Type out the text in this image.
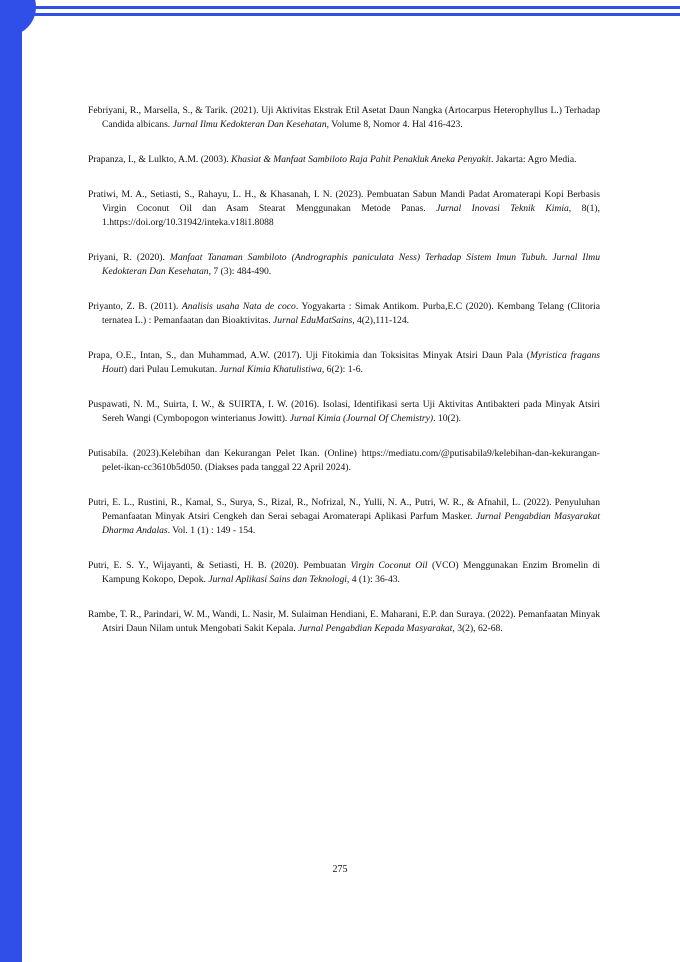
Febriyani, R., Marsella, S., & Tarik. (2021). Uji Aktivitas Ekstrak Etil Asetat Daun Nangka (Artocarpus Heterophyllus L.) Terhadap Candida albicans. Jurnal Ilmu Kedokteran Dan Kesehatan, Volume 8, Nomor 4. Hal 416-423.

Prapanza, I., & Lulkto, A.M. (2003). Khasiat & Manfaat Sambiloto Raja Pahit Penakluk Aneka Penyakit. Jakarta: Agro Media.

Pratiwi, M. A., Setiasti, S., Rahayu, L. H., & Khasanah, I. N. (2023). Pembuatan Sabun Mandi Padat Aromaterapi Kopi Berbasis Virgin Coconut Oil dan Asam Stearat Menggunakan Metode Panas. Jurnal Inovasi Teknik Kimia, 8(1), 1.https://doi.org/10.31942/inteka.v18i1.8088

Priyani, R. (2020). Manfaat Tanaman Sambiloto (Andrographis paniculata Ness) Terhadap Sistem Imun Tubuh. Jurnal Ilmu Kedokteran Dan Kesehatan, 7 (3): 484-490.

Priyanto, Z. B. (2011). Analisis usaha Nata de coco. Yogyakarta : Simak Antikom. Purba,E.C (2020). Kembang Telang (Clitoria ternatea L.) : Pemanfaatan dan Bioaktivitas. Jurnal EduMatSains, 4(2),111-124.

Prapa, O.E., Intan, S., dan Muhammad, A.W. (2017). Uji Fitokimia dan Toksisitas Minyak Atsiri Daun Pala (Myristica fragans Houtt) dari Pulau Lemukutan. Jurnal Kimia Khatulistiwa, 6(2): 1-6.

Puspawati, N. M., Suirta, I. W., & SUIRTA, I. W. (2016). Isolasi, Identifikasi serta Uji Aktivitas Antibakteri pada Minyak Atsiri Sereh Wangi (Cymbopogon winterianus Jowitt). Jurnal Kimia (Journal Of Chemistry). 10(2).

Putisabila. (2023).Kelebihan dan Kekurangan Pelet Ikan. (Online) https://mediatu.com/@putisabila9/kelebihan-dan-kekurangan-pelet-ikan-cc3610b5d050. (Diakses pada tanggal 22 April 2024).

Putri, E. L., Rustini, R., Kamal, S., Surya, S., Rizal, R., Nofrizal, N., Yulli, N. A., Putri, W. R., & Afnahil, L. (2022). Penyuluhan Pemanfaatan Minyak Atsiri Cengkeh dan Serai sebagai Aromaterapi Aplikasi Parfum Masker. Jurnal Pengabdian Masyarakat Dharma Andalas. Vol. 1 (1) : 149 - 154.

Putri, E. S. Y., Wijayanti, & Setiasti, H. B. (2020). Pembuatan Virgin Coconut Oil (VCO) Menggunakan Enzim Bromelin di Kampung Kokopo, Depok. Jurnal Aplikasi Sains dan Teknologi, 4 (1): 36-43.

Rambe, T. R., Parindari, W. M., Wandi, L. Nasir, M. Sulaiman Hendiani, E. Maharani, E.P. dan Suraya. (2022). Pemanfaatan Minyak Atsiri Daun Nilam untuk Mengobati Sakit Kepala. Jurnal Pengabdian Kepada Masyarakat, 3(2), 62-68.

275
